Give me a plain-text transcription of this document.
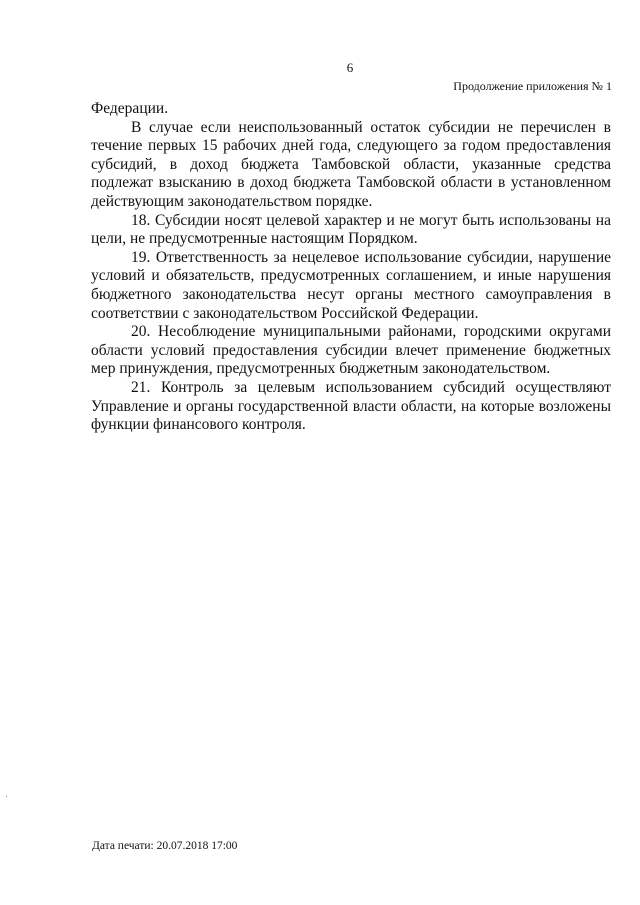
6
Продолжение приложения № 1

Федерации.

В случае если неиспользованный остаток субсидии не перечислен в течение первых 15 рабочих дней года, следующего за годом предоставления субсидий, в доход бюджета Тамбовской области, указанные средства подлежат взысканию в доход бюджета Тамбовской области в установленном действующим законодательством порядке.

18. Субсидии носят целевой характер и не могут быть использованы на цели, не предусмотренные настоящим Порядком.

19. Ответственность за нецелевое использование субсидии, нарушение условий и обязательств, предусмотренных соглашением, и иные нарушения бюджетного законодательства несут органы местного самоуправления в соответствии с законодательством Российской Федерации.

20. Несоблюдение муниципальными районами, городскими округами области условий предоставления субсидии влечет применение бюджетных мер принуждения, предусмотренных бюджетным законодательством.

21. Контроль за целевым использованием субсидий осуществляют Управление и органы государственной власти области, на которые возложены функции финансового контроля.

Дата печати: 20.07.2018 17:00
